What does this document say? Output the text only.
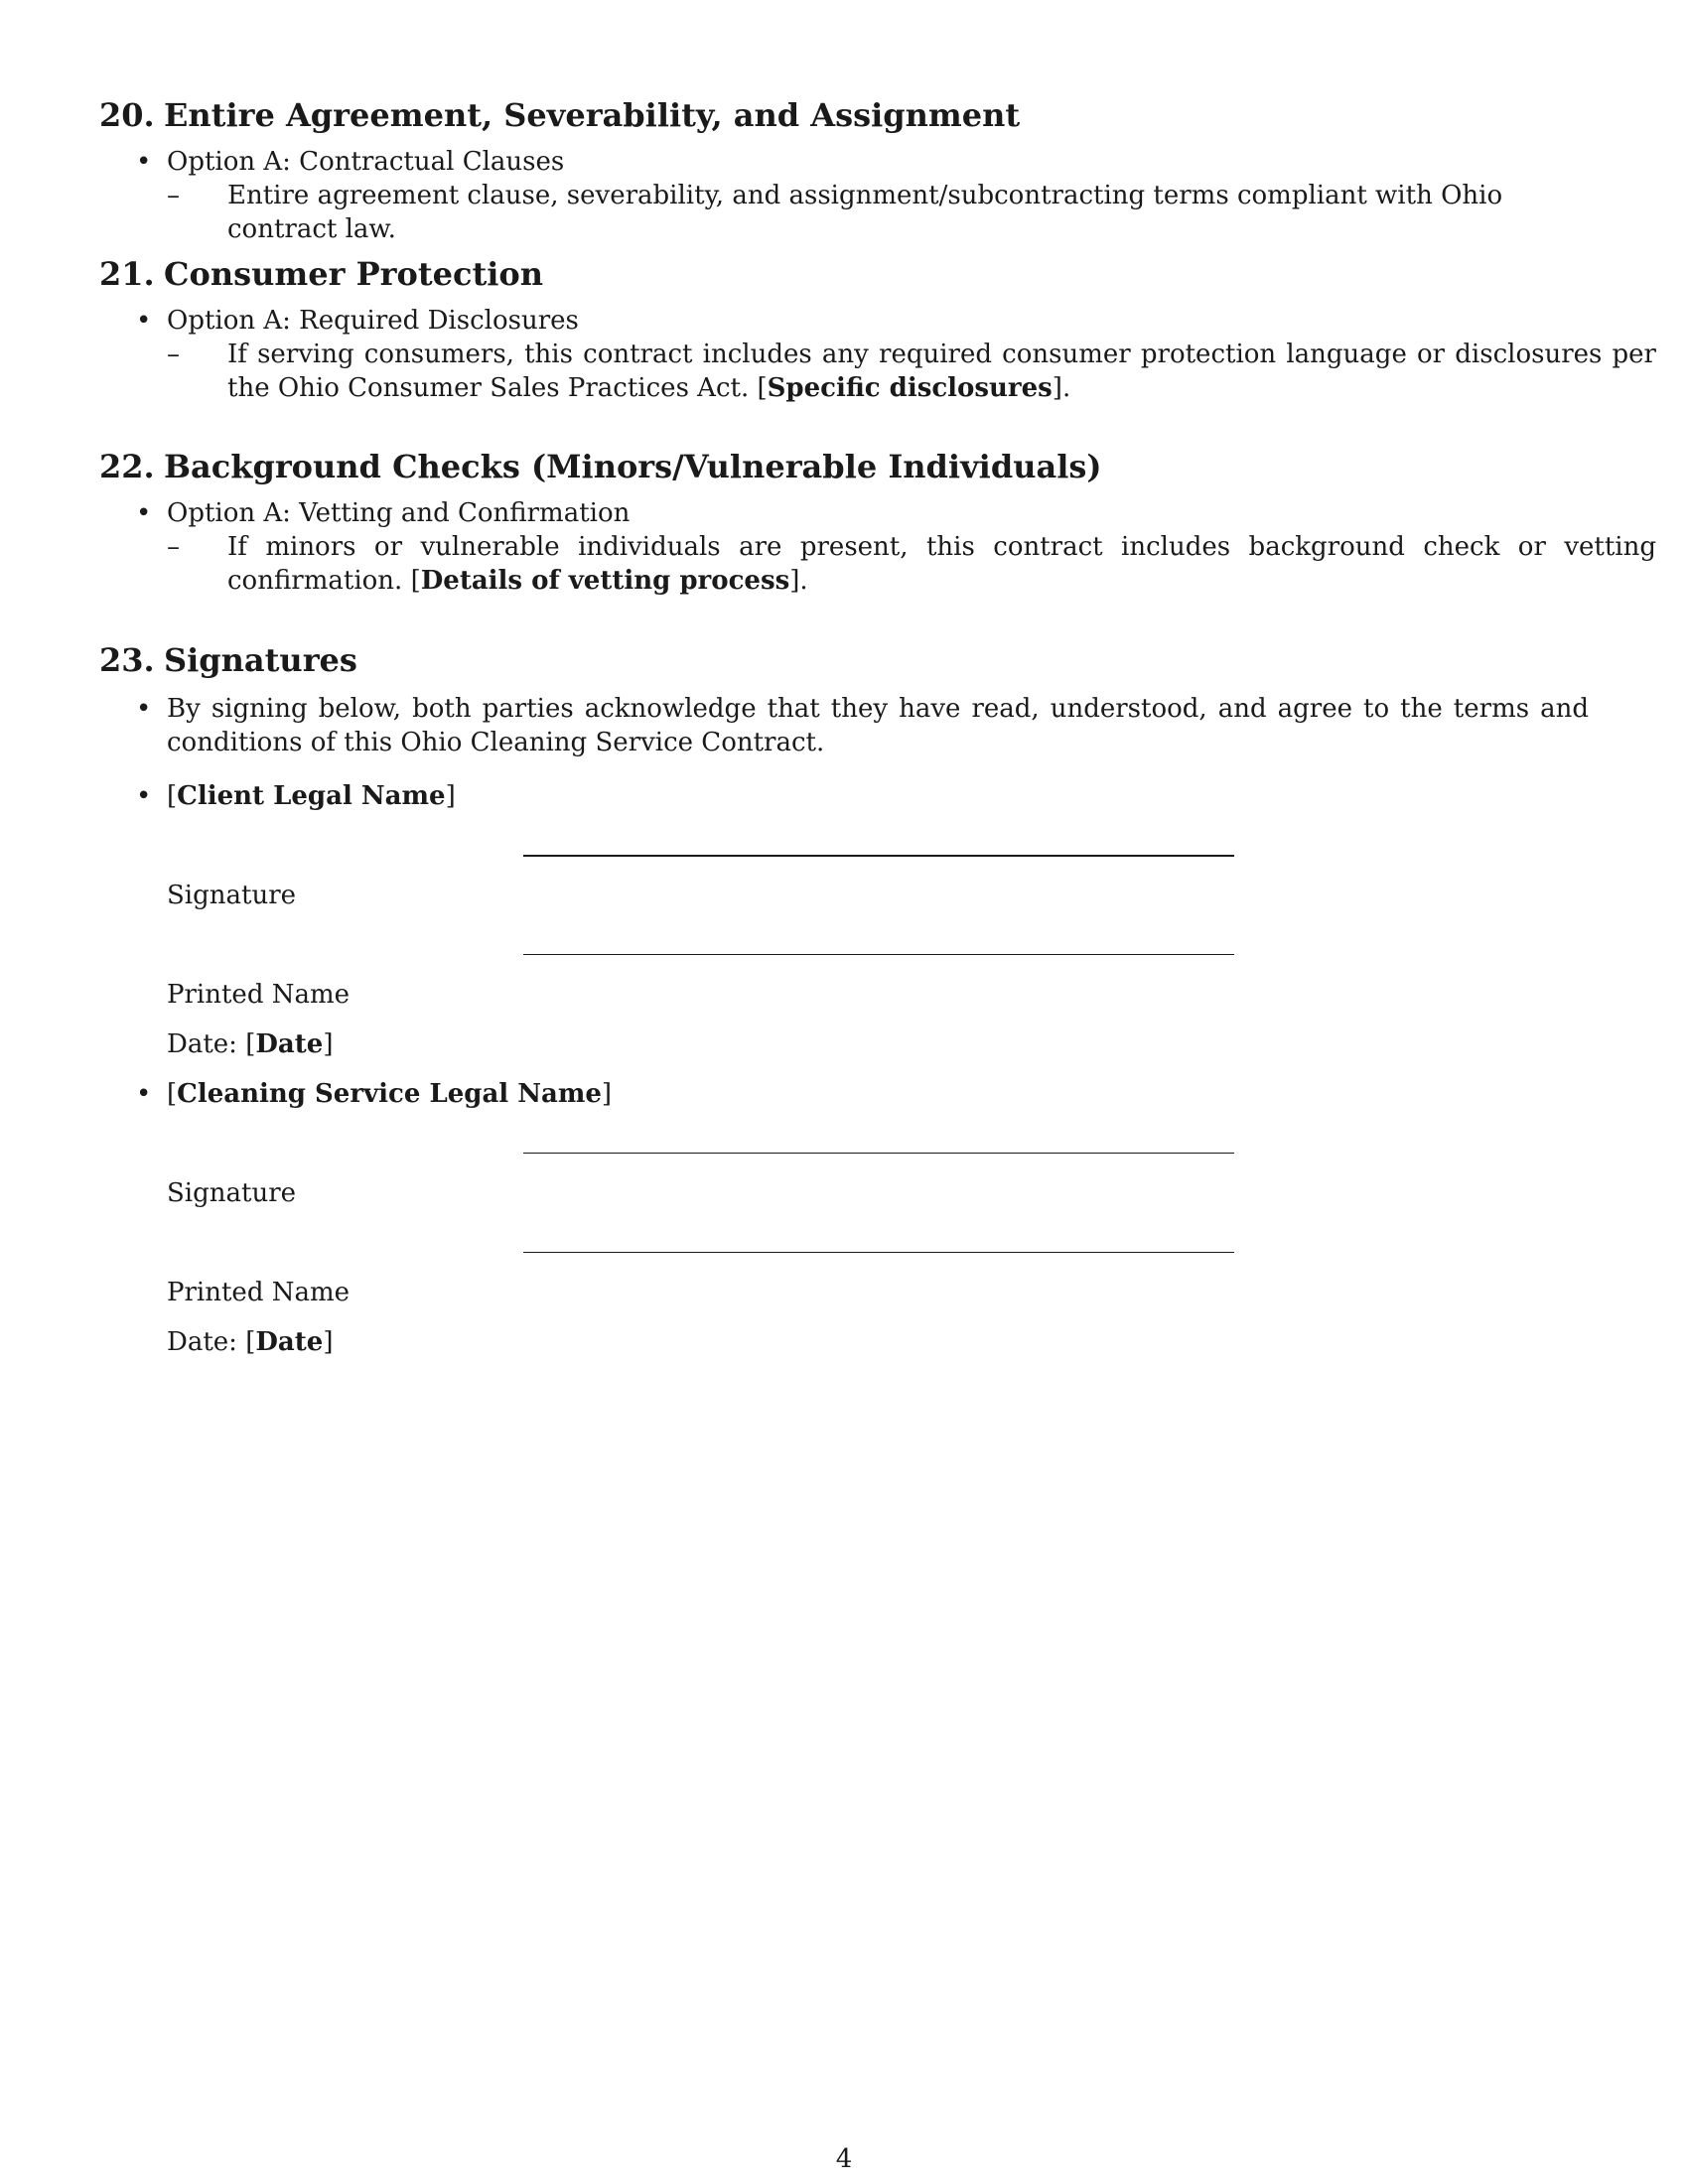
20. Entire Agreement, Severability, and Assignment
• Option A: Contractual Clauses
– Entire agreement clause, severability, and assignment/subcontracting terms compliant with Ohio contract law.
21. Consumer Protection
• Option A: Required Disclosures
– If serving consumers, this contract includes any required consumer protection language or disclosures per the Ohio Consumer Sales Practices Act. [Specific disclosures].
22. Background Checks (Minors/Vulnerable Individuals)
• Option A: Vetting and Confirmation
– If minors or vulnerable individuals are present, this contract includes background check or vetting confirmation. [Details of vetting process].
23. Signatures
• By signing below, both parties acknowledge that they have read, understood, and agree to the terms and conditions of this Ohio Cleaning Service Contract.
• [Client Legal Name]
Signature
Printed Name
Date: [Date]
• [Cleaning Service Legal Name]
Signature
Printed Name
Date: [Date]
4
